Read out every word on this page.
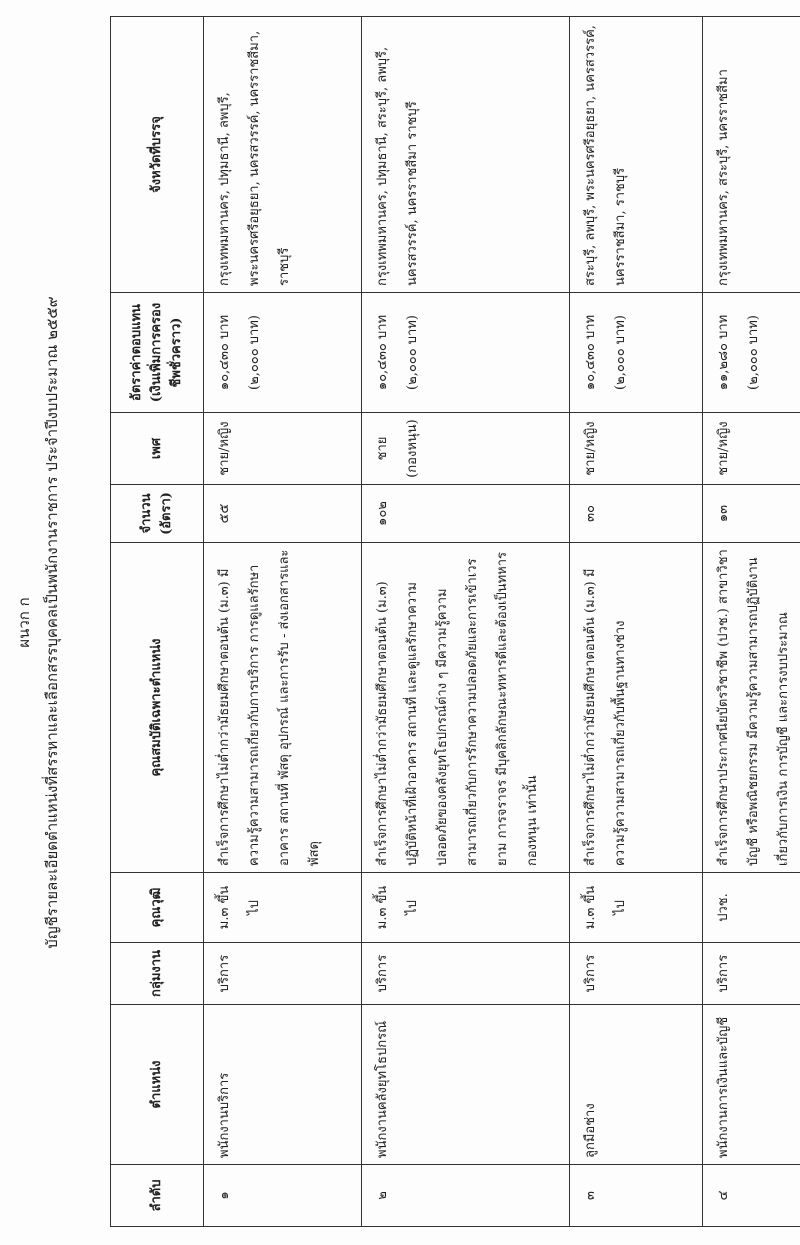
ผนวก ก บัญชีรายละเอียดตำแหน่งที่สรรหาและเลือกสรรบุคคลเป็นพนักงานราชการ ประจำปีงบประมาณ ๒๕๕๙
ลำดับ	ตำแหน่ง	กลุ่มงาน	คุณวุฒิ	คุณสมบัติเฉพาะตำแหน่ง	จำนวน (อัตรา)	เพศ	อัตราค่าตอบแทน (เงินเพิ่มการครองชีพชั่วคราว)	จังหวัดที่บรรจุ
๑	พนักงานบริการ	บริการ	ม.๓ ขึ้นไป	สำเร็จการศึกษาไม่ต่ำกว่ามัธยมศึกษาตอนต้น (ม.๓) มีความรู้ความสามารถเกี่ยวกับการบริการ การดูแลรักษาอาคาร สถานที่ พัสดุ อุปกรณ์ และการรับ - ส่งเอกสารและพัสดุ	๕๕	ชาย/หญิง	๑๐,๔๓๐ บาท (๒,๐๐๐ บาท)	กรุงเทพมหานคร, ปทุมธานี, ลพบุรี, พระนครศรีอยุธยา, นครสวรรค์, นครราชสีมา, ราชบุรี
๒	พนักงานคลังยุทโธปกรณ์	บริการ	ม.๓ ขึ้นไป	สำเร็จการศึกษาไม่ต่ำกว่ามัธยมศึกษาตอนต้น (ม.๓) ปฏิบัติหน้าที่เฝ้าอาคาร สถานที่ และดูแลรักษาความปลอดภัยของคลังยุทโธปกรณ์ต่าง ๆ มีความรู้ความสามารถเกี่ยวกับการรักษาความปลอดภัยและการเข้าเวรยาม การจราจร มีบุคลิกลักษณะทหารดีและต้องเป็นทหารกองหนุน เท่านั้น	๑๐๒	ชาย (กองหนุน)	๑๐,๔๓๐ บาท (๒,๐๐๐ บาท)	กรุงเทพมหานคร, ปทุมธานี, สระบุรี, ลพบุรี, นครสวรรค์, นครราชสีมา ราชบุรี
๓	ลูกมือช่าง	บริการ	ม.๓ ขึ้นไป	สำเร็จการศึกษาไม่ต่ำกว่ามัธยมศึกษาตอนต้น (ม.๓) มีความรู้ความสามารถเกี่ยวกับพื้นฐานทางช่าง	๓๐	ชาย/หญิง	๑๐,๔๓๐ บาท (๒,๐๐๐ บาท)	สระบุรี, ลพบุรี, พระนครศรีอยุธยา, นครสวรรค์, นครราชสีมา, ราชบุรี
๔	พนักงานการเงินและบัญชี	บริการ	ปวช.	สำเร็จการศึกษาประกาศนียบัตรวิชาชีพ (ปวช.) สาขาวิชาบัญชี หรือพณิชยกรรม มีความรู้ความสามารถปฏิบัติงานเกี่ยวกับการเงิน การบัญชี และการงบประมาณ	๑๓	ชาย/หญิง	๑๑,๒๘๐ บาท (๒,๐๐๐ บาท)	กรุงเทพมหานคร, สระบุรี, นครราชสีมา
